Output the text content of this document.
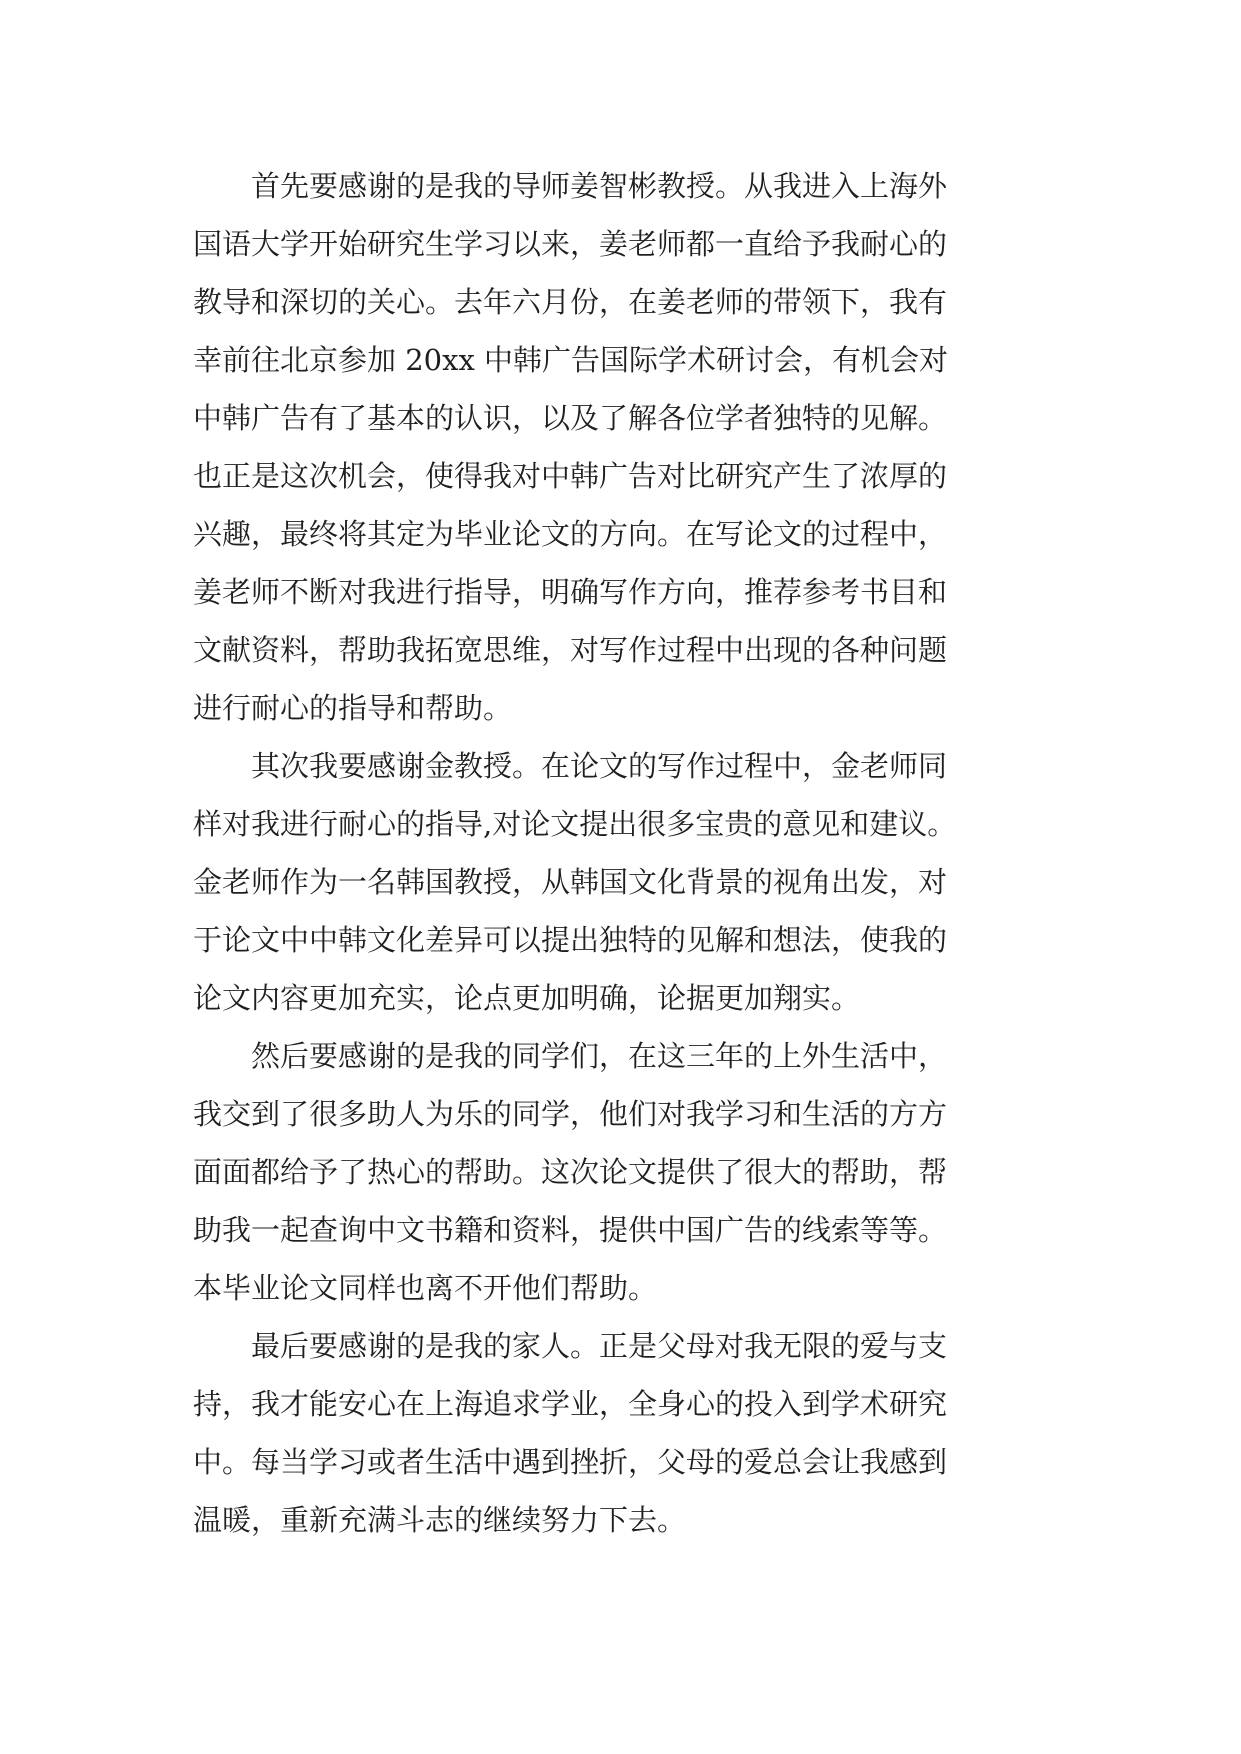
首先要感谢的是我的导师姜智彬教授。从我进入上海外
国语大学开始研究生学习以来，姜老师都一直给予我耐心的
教导和深切的关心。去年六月份，在姜老师的带领下，我有
幸前往北京参加 20xx 中韩广告国际学术研讨会，有机会对
中韩广告有了基本的认识，以及了解各位学者独特的见解。
也正是这次机会，使得我对中韩广告对比研究产生了浓厚的
兴趣，最终将其定为毕业论文的方向。在写论文的过程中，
姜老师不断对我进行指导，明确写作方向，推荐参考书目和
文献资料，帮助我拓宽思维，对写作过程中出现的各种问题
进行耐心的指导和帮助。
其次我要感谢金教授。在论文的写作过程中，金老师同
样对我进行耐心的指导,对论文提出很多宝贵的意见和建议。
金老师作为一名韩国教授，从韩国文化背景的视角出发，对
于论文中中韩文化差异可以提出独特的见解和想法，使我的
论文内容更加充实，论点更加明确，论据更加翔实。
然后要感谢的是我的同学们，在这三年的上外生活中，
我交到了很多助人为乐的同学，他们对我学习和生活的方方
面面都给予了热心的帮助。这次论文提供了很大的帮助，帮
助我一起查询中文书籍和资料，提供中国广告的线索等等。
本毕业论文同样也离不开他们帮助。
最后要感谢的是我的家人。正是父母对我无限的爱与支
持，我才能安心在上海追求学业，全身心的投入到学术研究
中。每当学习或者生活中遇到挫折，父母的爱总会让我感到
温暖，重新充满斗志的继续努力下去。
